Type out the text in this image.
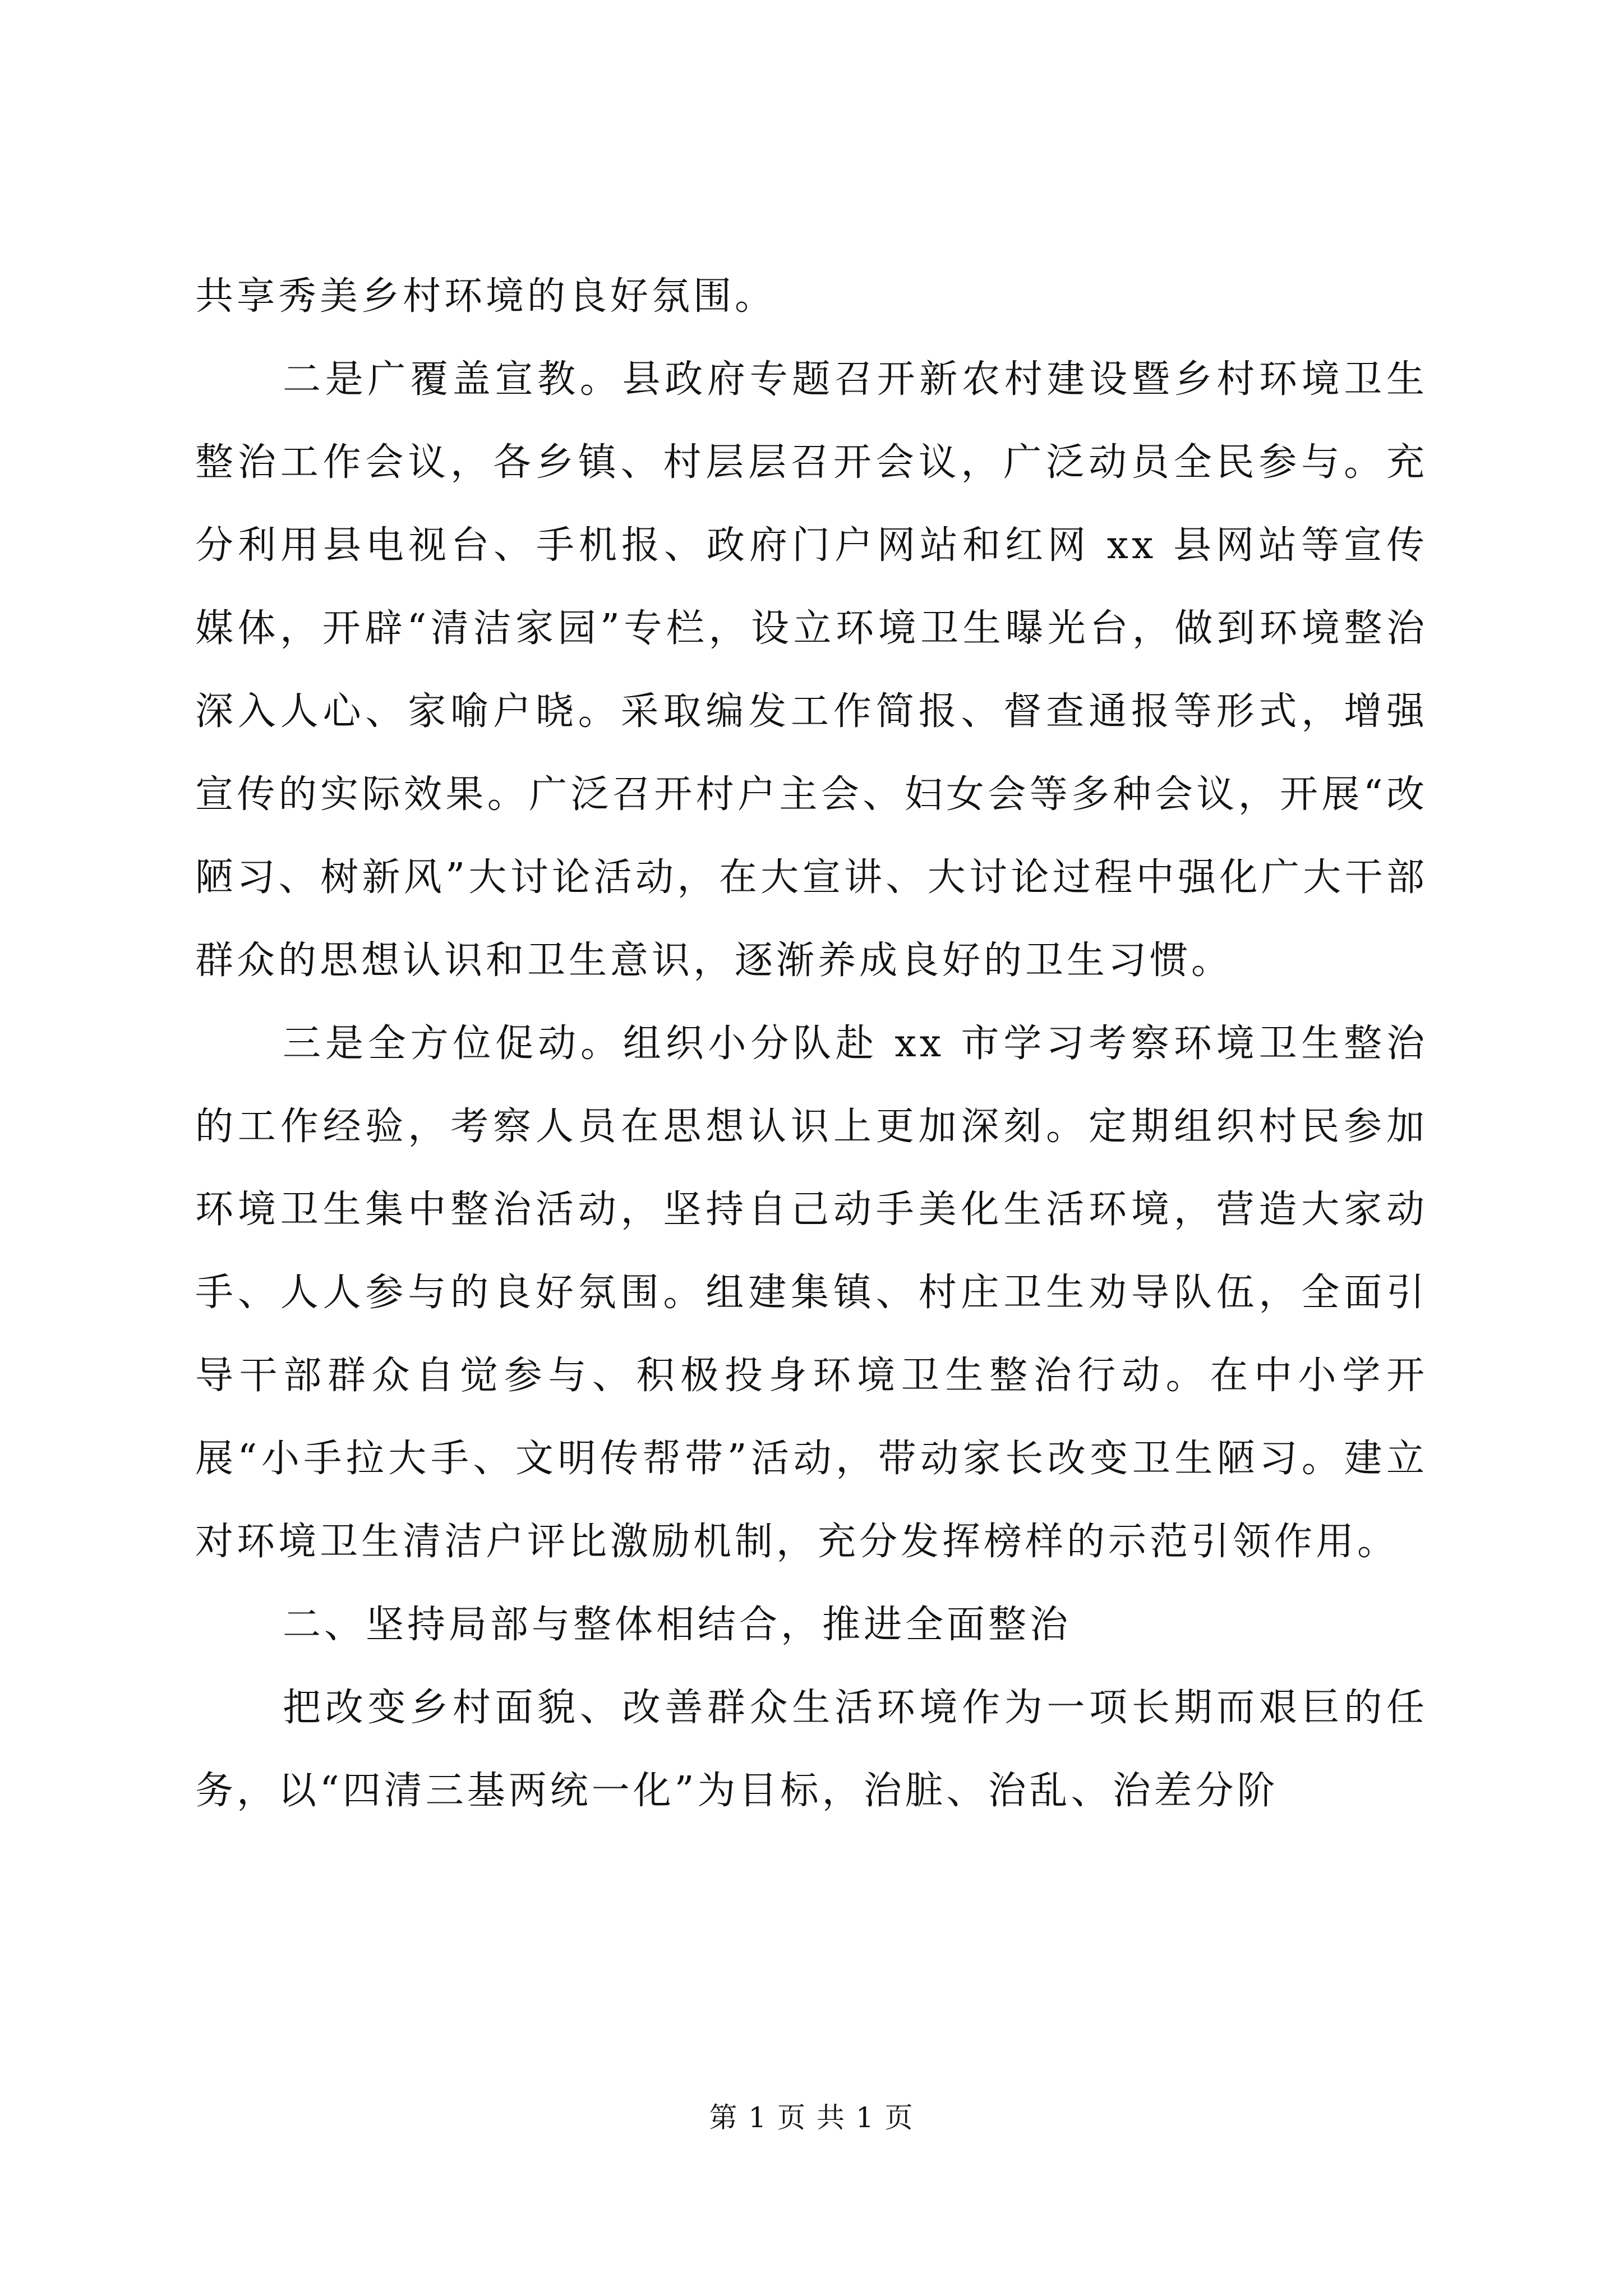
共享秀美乡村环境的良好氛围。

二是广覆盖宣教。县政府专题召开新农村建设暨乡村环境卫生整治工作会议，各乡镇、村层层召开会议，广泛动员全民参与。充分利用县电视台、手机报、政府门户网站和红网 xx 县网站等宣传媒体，开辟“清洁家园”专栏，设立环境卫生曝光台，做到环境整治深入人心、家喻户晓。采取编发工作简报、督查通报等形式，增强宣传的实际效果。广泛召开村户主会、妇女会等多种会议，开展“改陋习、树新风”大讨论活动，在大宣讲、大讨论过程中强化广大干部群众的思想认识和卫生意识，逐渐养成良好的卫生习惯。

三是全方位促动。组织小分队赴 xx 市学习考察环境卫生整治的工作经验，考察人员在思想认识上更加深刻。定期组织村民参加环境卫生集中整治活动，坚持自己动手美化生活环境，营造大家动手、人人参与的良好氛围。组建集镇、村庄卫生劝导队伍，全面引导干部群众自觉参与、积极投身环境卫生整治行动。在中小学开展“小手拉大手、文明传帮带”活动，带动家长改变卫生陋习。建立对环境卫生清洁户评比激励机制，充分发挥榜样的示范引领作用。

二、坚持局部与整体相结合，推进全面整治

把改变乡村面貌、改善群众生活环境作为一项长期而艰巨的任务，以“四清三基两统一化”为目标，治脏、治乱、治差分阶

第 1 页 共 1 页
